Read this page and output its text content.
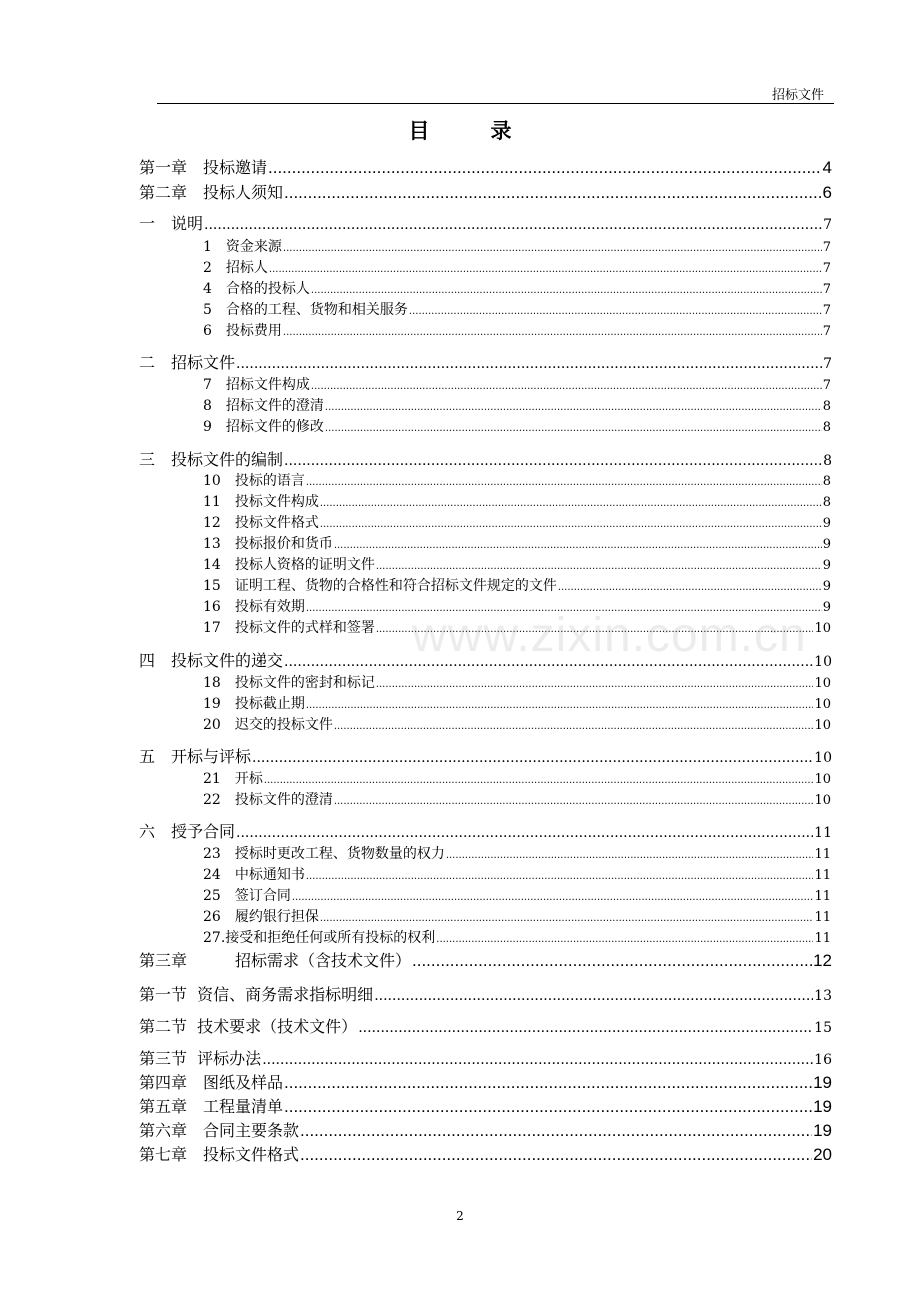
招标文件
目　录
第一章　投标邀请 .....	4
第二章　投标人须知 .....	6
一　说明 .....	7
1　资金来源 .....	7
2　招标人 .....	7
4　合格的投标人 .....	7
5　合格的工程、货物和相关服务 .....	7
6　投标费用 .....	7
二　招标文件 .....	7
7　招标文件构成 .....	7
8　招标文件的澄清 .....	8
9　招标文件的修改 .....	8
三　投标文件的编制 .....	8
10　投标的语言 .....	8
11　投标文件构成 .....	8
12　投标文件格式 .....	9
13　投标报价和货币 .....	9
14　投标人资格的证明文件 .....	9
15　证明工程、货物的合格性和符合招标文件规定的文件 .....	9
16　投标有效期 .....	9
17　投标文件的式样和签署 .....	10
四　投标文件的递交 .....	10
18　投标文件的密封和标记 .....	10
19　投标截止期 .....	10
20　迟交的投标文件 .....	10
五　开标与评标 .....	10
21　开标 .....	10
22　投标文件的澄清 .....	10
六　授予合同 .....	11
23　授标时更改工程、货物数量的权力 .....	11
24　中标通知书 .....	11
25　签订合同 .....	11
26　履约银行担保 .....	11
27.接受和拒绝任何或所有投标的权利 .....	11
第三章　　　招标需求（含技术文件） .....	12
第一节  资信、商务需求指标明细 .....	13
第二节  技术要求（技术文件） .....	15
第三节  评标办法 .....	16
第四章　图纸及样品 .....	19
第五章　工程量清单 .....	19
第六章　合同主要条款 .....	19
第七章　投标文件格式 .....	20
www.zixin.com.cn
2
